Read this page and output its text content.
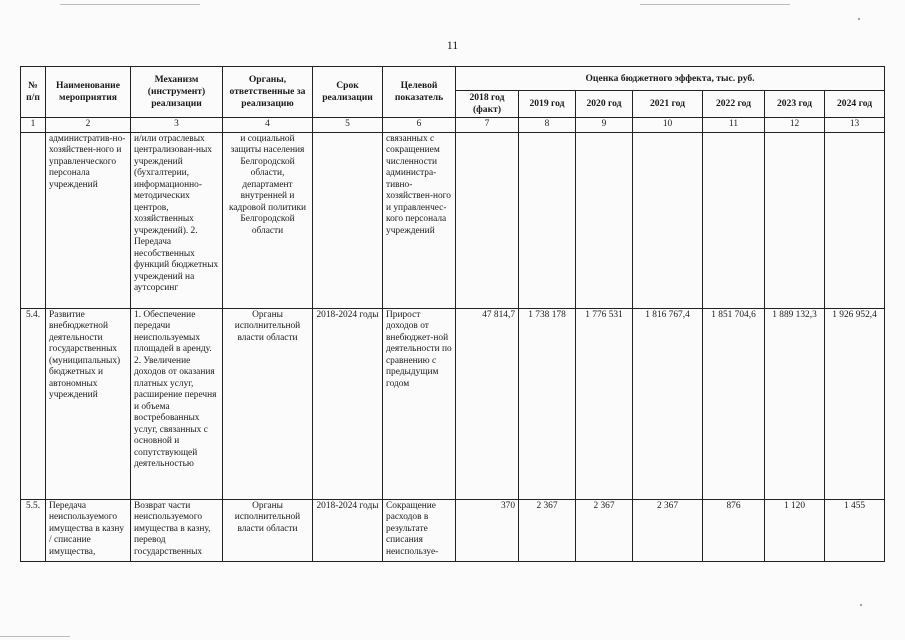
11
№ п/п	Наименование мероприятия	Механизм (инструмент) реализации	Органы, ответственные за реализацию	Срок реализации	Целевой показатель	Оценка бюджетного эффекта, тыс. руб.						
						2018 год (факт)	2019 год	2020 год	2021 год	2022 год	2023 год	2024 год
1	2	3	4	5	6	7	8	9	10	11	12	13
	административ-но-хозяйствен-ного и управленческого персонала учреждений	и/или отраслевых централизован-ных учреждений (бухгалтерии, информационно-методических центров, хозяйственных учреждений). 2. Передача несобственных функций бюджетных учреждений на аутсорсинг	и социальной защиты населения Белгородской области, департамент внутренней и кадровой политики Белгородской области		связанных с сокращением численности администра-тивно-хозяйствен-ного и управленчес-кого персонала учреждений							
5.4.	Развитие внебюджетной деятельности государственных (муниципальных) бюджетных и автономных учреждений	1. Обеспечение передачи неиспользуемых площадей в аренду. 2. Увеличение доходов от оказания платных услуг, расширение перечня и объема востребованных услуг, связанных с основной и сопутствующей деятельностью	Органы исполнительной власти области	2018-2024 годы	Прирост доходов от внебюджет-ной деятельности по сравнению с предыдущим годом	47 814,7	1 738 178	1 776 531	1 816 767,4	1 851 704,6	1 889 132,3	1 926 952,4
5.5.	Передача неиспользуемого имущества в казну / списание имущества,	Возврат части неиспользуемого имущества в казну, перевод государственных	Органы исполнительной власти области	2018-2024 годы	Сокращение расходов в результате списания неиспользуе-	370	2 367	2 367	2 367	876	1 120	1 455
